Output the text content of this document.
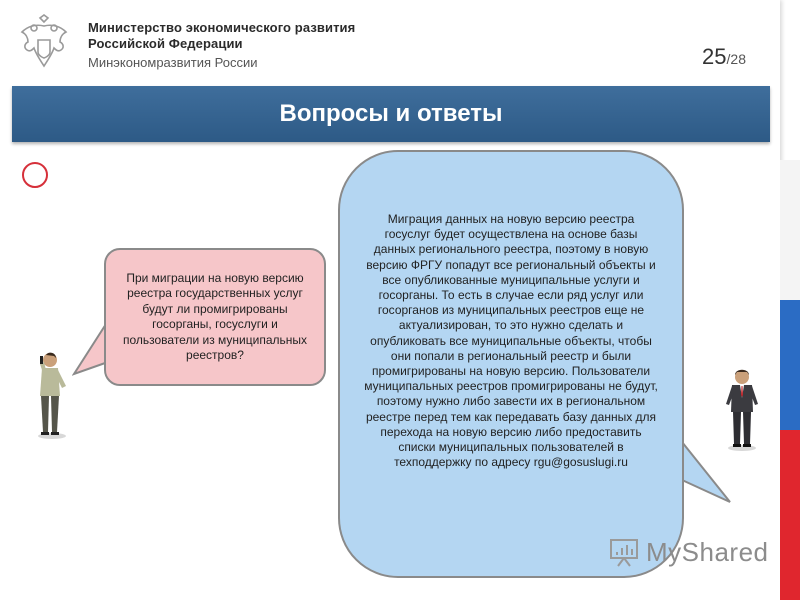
Министерство экономического развития
Российской Федерации
Минэкономразвития России	25/28
Вопросы и ответы
При миграции на новую версию реестра государственных услуг будут ли промигрированы госорганы, госуслуги и пользователи из муниципальных реестров?
Миграция данных на новую версию реестра госуслуг будет осуществлена на основе базы данных регионального реестра, поэтому в новую версию ФРГУ попадут все региональный объекты и все опубликованные муниципальные услуги и госорганы. То есть в случае если ряд услуг или госорганов из муниципальных реестров еще не актуализирован, то это нужно сделать и опубликовать все муниципальные объекты, чтобы они попали в региональный реестр и были промигрированы на новую версию. Пользователи муниципальных реестров промигрированы не будут, поэтому нужно либо завести их в региональном реестре перед тем как передавать базу данных для перехода на новую версию либо предоставить списки муниципальных пользователей в техподдержку по адресу rgu@gosuslugi.ru
MyShared
